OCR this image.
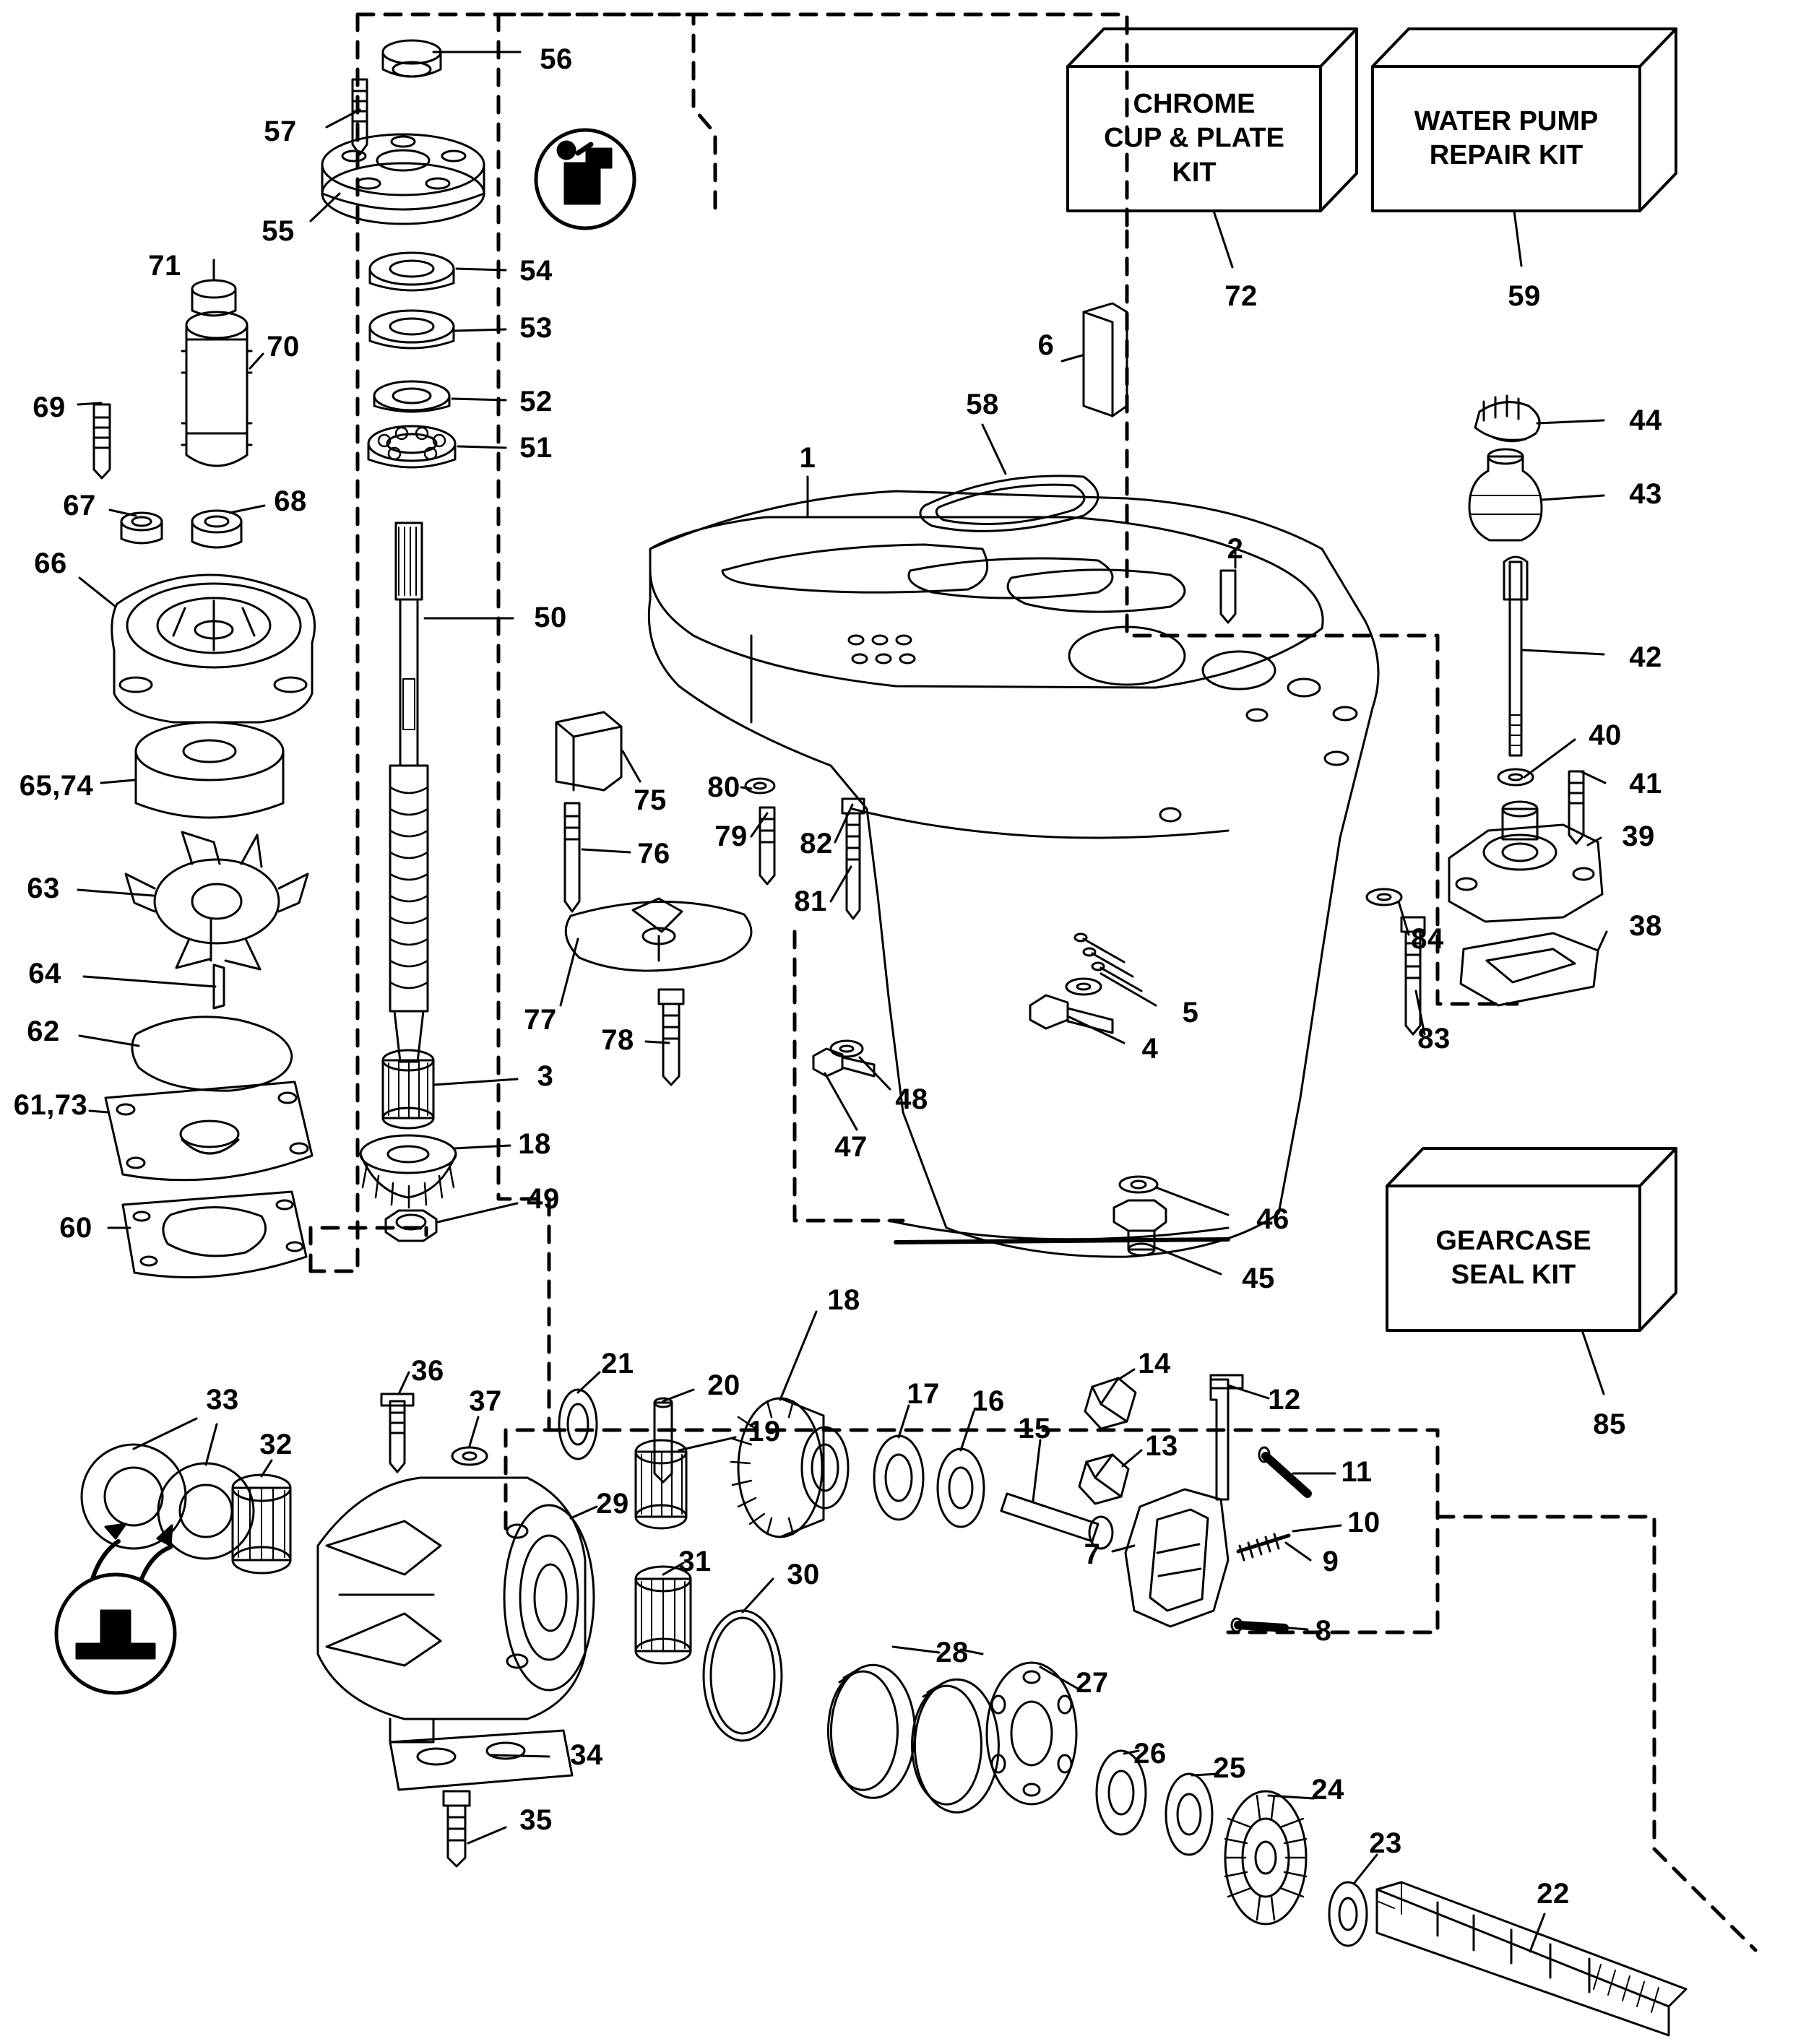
CHROME
CUP & PLATE
KIT
WATER PUMP
REPAIR KIT
GEARCASE
SEAL KIT
72	59
85
56
57
55
54
53
52
51
71
70
69
67	68
66
50
65,74
63
64
62
61,73
60
3
18
49
1
58
6
2
75
76
80
79 82
81
77
78
5
4
48
47
46
45
44
43
42
40
41
39
38
84
83
36
37
33
32
29
31	30
34
35
21
20
19
18
17 16
15
14
13
12
11
10
9
8
7
28
27
26 25
24
23
22
